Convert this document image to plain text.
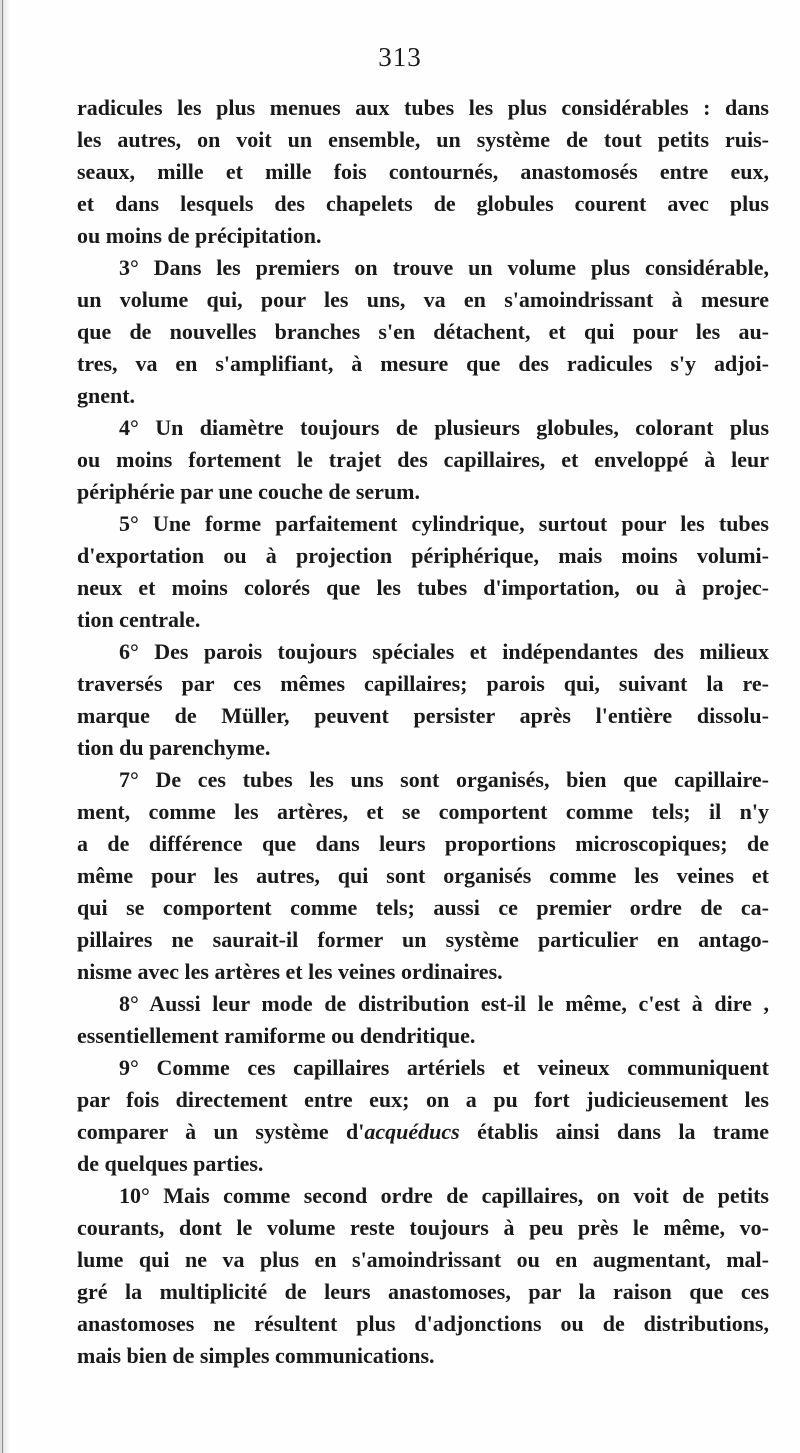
313
radicules les plus menues aux tubes les plus considérables : dans
les autres, on voit un ensemble, un système de tout petits ruis-
seaux, mille et mille fois contournés, anastomosés entre eux,
et dans lesquels des chapelets de globules courent avec plus
ou moins de précipitation.
3° Dans les premiers on trouve un volume plus considérable,
un volume qui, pour les uns, va en s'amoindrissant à mesure
que de nouvelles branches s'en détachent, et qui pour les au-
tres, va en s'amplifiant, à mesure que des radicules s'y adjoi-
gnent.
4° Un diamètre toujours de plusieurs globules, colorant plus
ou moins fortement le trajet des capillaires, et enveloppé à leur
périphérie par une couche de serum.
5° Une forme parfaitement cylindrique, surtout pour les tubes
d'exportation ou à projection périphérique, mais moins volumi-
neux et moins colorés que les tubes d'importation, ou à projec-
tion centrale.
6° Des parois toujours spéciales et indépendantes des milieux
traversés par ces mêmes capillaires; parois qui, suivant la re-
marque de Müller, peuvent persister après l'entière dissolu-
tion du parenchyme.
7° De ces tubes les uns sont organisés, bien que capillaire-
ment, comme les artères, et se comportent comme tels; il n'y
a de différence que dans leurs proportions microscopiques; de
même pour les autres, qui sont organisés comme les veines et
qui se comportent comme tels; aussi ce premier ordre de ca-
pillaires ne saurait-il former un système particulier en antago-
nisme avec les artères et les veines ordinaires.
8° Aussi leur mode de distribution est-il le même, c'est à dire ,
essentiellement ramiforme ou dendritique.
9° Comme ces capillaires artériels et veineux communiquent
par fois directement entre eux; on a pu fort judicieusement les
comparer à un système d'acquéducs établis ainsi dans la trame
de quelques parties.
10° Mais comme second ordre de capillaires, on voit de petits
courants, dont le volume reste toujours à peu près le même, vo-
lume qui ne va plus en s'amoindrissant ou en augmentant, mal-
gré la multiplicité de leurs anastomoses, par la raison que ces
anastomoses ne résultent plus d'adjonctions ou de distributions,
mais bien de simples communications.
